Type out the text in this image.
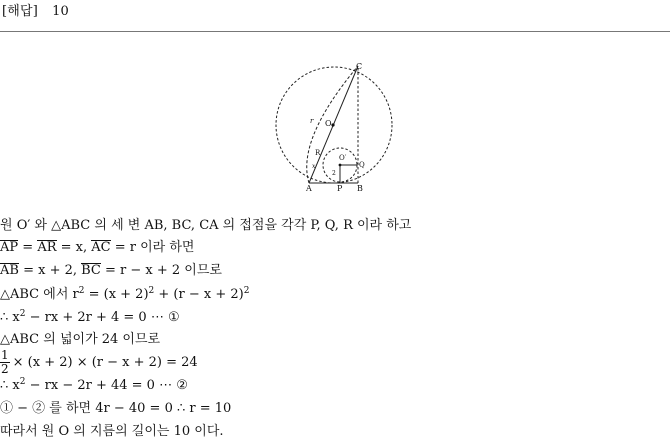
[해답] 10
C
O
r
R
O′
Q
x
2
A	P B
원 O′ 와 △ABC 의 세 변 AB, BC, CA 의 접점을 각각 P, Q, R 이라 하고
AP = AR = x, AC = r 이라 하면
AB = x + 2, BC = r − x + 2 이므로
△ABC 에서 $r^2 = (x + 2)^2 + (r - x + 2)^2$
∴ $x^2$ − rx + 2r + 4 = 0 ⋯ ①
△ABC 의 넓이가 24 이므로
$\frac{1}{2} \times (x + 2) \times (r - x + 2) = 24$
∴ $x^2$ − rx − 2r + 44 = 0 ⋯ ②
① − ② 를 하면 4r − 40 = 0 ∴ r = 10
따라서 원 O 의 지름의 길이는 10 이다.
